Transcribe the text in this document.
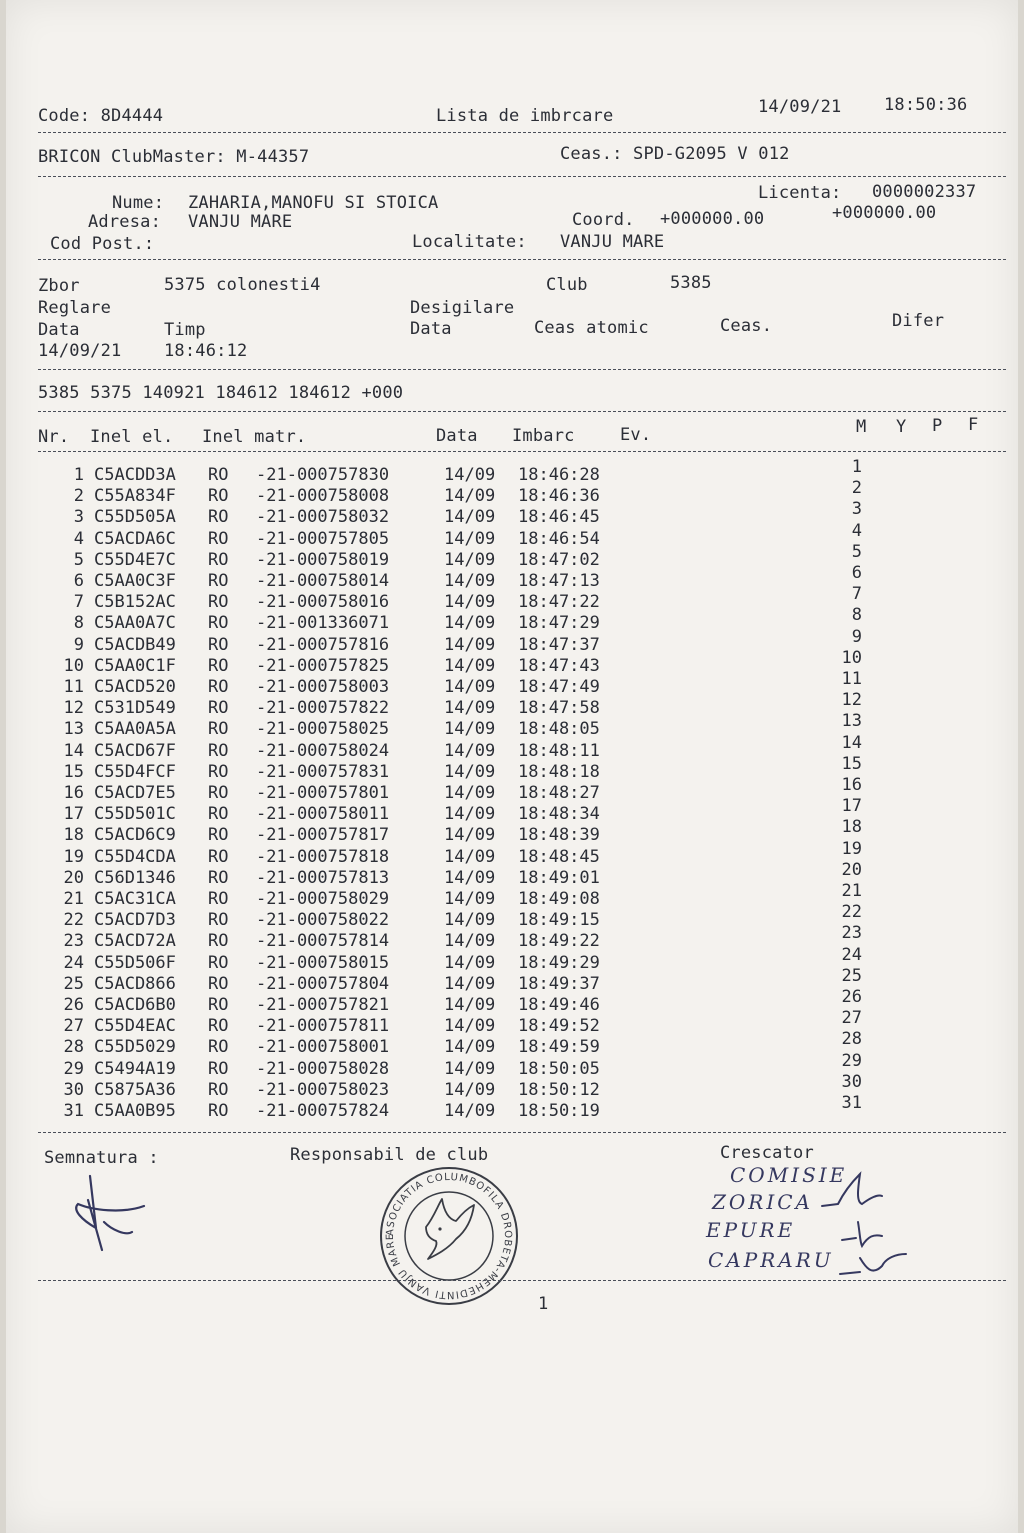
Code: 8D4444	Lista de imbrcare	14/09/21	18:50:36
BRICON ClubMaster: M-44357	Ceas.: SPD-G2095 V 012
Nume: ZAHARIA,MANOFU SI STOICA	Licenta: 0000002337
Adresa: VANJU MARE	Coord. +000000.00	+000000.00
Cod Post.:	Localitate: VANJU MARE
Zbor	5375 colonesti4	Club	5385
Reglare	Desigilare
Data	Timp	Data	Ceas atomic	Ceas.	Difer
14/09/21	18:46:12
5385 5375 140921 184612 184612 +000
Nr. Inel el. Inel matr.	Data Imbarc	Ev.	M Y P F
1 C5ACDD3A RO -21-000757830	14/09 18:46:28	1
2 C55A834F RO -21-000758008	14/09 18:46:36	2
3 C55D505A RO -21-000758032	14/09 18:46:45	3
4 C5ACDA6C RO -21-000757805	14/09 18:46:54	4
5 C55D4E7C RO -21-000758019	14/09 18:47:02	5
6 C5AA0C3F RO -21-000758014	14/09 18:47:13	6
7 C5B152AC RO -21-000758016	14/09 18:47:22	7
8 C5AA0A7C RO -21-001336071	14/09 18:47:29	8
9 C5ACDB49 RO -21-000757816	14/09 18:47:37	9
10 C5AA0C1F RO -21-000757825	14/09 18:47:43	10
11 C5ACD520 RO -21-000758003	14/09 18:47:49	11
12 C531D549 RO -21-000757822	14/09 18:47:58	12
13 C5AA0A5A RO -21-000758025	14/09 18:48:05	13
14 C5ACD67F RO -21-000758024	14/09 18:48:11	14
15 C55D4FCF RO -21-000757831	14/09 18:48:18	15
16 C5ACD7E5 RO -21-000757801	14/09 18:48:27	16
17 C55D501C RO -21-000758011	14/09 18:48:34	17
18 C5ACD6C9 RO -21-000757817	14/09 18:48:39	18
19 C55D4CDA RO -21-000757818	14/09 18:48:45	19
20 C56D1346 RO -21-000757813	14/09 18:49:01	20
21 C5AC31CA RO -21-000758029	14/09 18:49:08	21
22 C5ACD7D3 RO -21-000758022	14/09 18:49:15	22
23 C5ACD72A RO -21-000757814	14/09 18:49:22	23
24 C55D506F RO -21-000758015	14/09 18:49:29	24
25 C5ACD866 RO -21-000757804	14/09 18:49:37	25
26 C5ACD6B0 RO -21-000757821	14/09 18:49:46	26
27 C55D4EAC RO -21-000757811	14/09 18:49:52	27
28 C55D5029 RO -21-000758001	14/09 18:49:59	28
29 C5494A19 RO -21-000758028	14/09 18:50:05	29
30 C5875A36 RO -21-000758023	14/09 18:50:12	30
31 C5AA0B95 RO -21-000757824	14/09 18:50:19	31
Semnatura :	Responsabil de club	Crescator
ASOCIATIA COLUMBOFILA DROBETA-MEHEDINTI VANJU MARE
COMISIE
ZORICA
EPURE
CAPRARU
1
